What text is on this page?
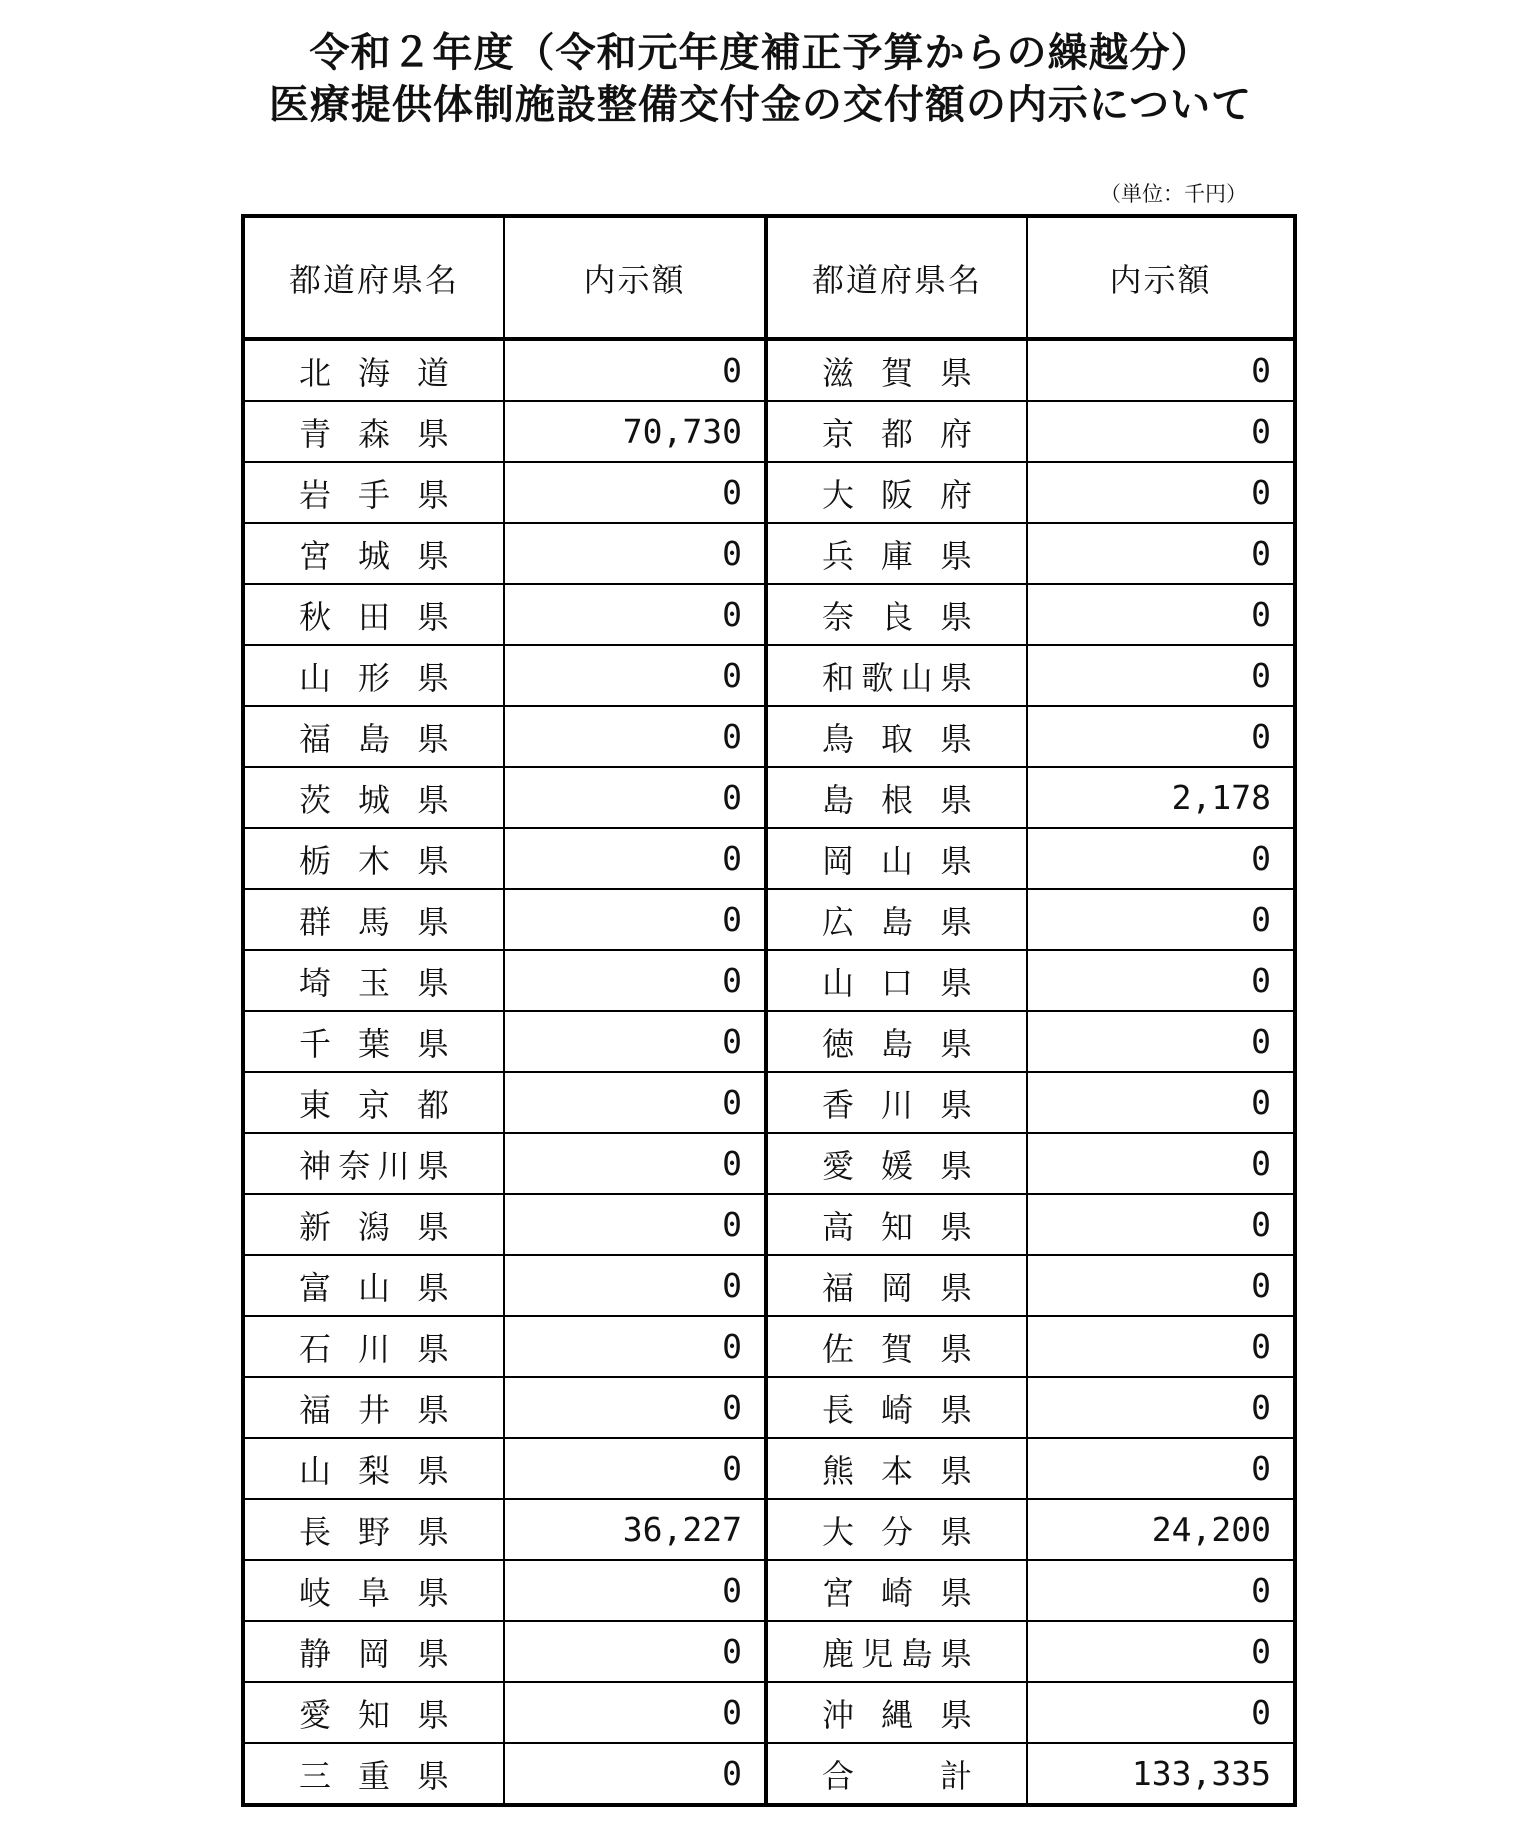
令和２年度（令和元年度補正予算からの繰越分）
医療提供体制施設整備交付金の交付額の内示について
（単位：千円）
都道府県名	内示額	都道府県名	内示額
北海道	0	滋賀県	0
青森県	70,730	京都府	0
岩手県	0	大阪府	0
宮城県	0	兵庫県	0
秋田県	0	奈良県	0
山形県	0	和歌山県	0
福島県	0	鳥取県	0
茨城県	0	島根県	2,178
栃木県	0	岡山県	0
群馬県	0	広島県	0
埼玉県	0	山口県	0
千葉県	0	徳島県	0
東京都	0	香川県	0
神奈川県	0	愛媛県	0
新潟県	0	高知県	0
富山県	0	福岡県	0
石川県	0	佐賀県	0
福井県	0	長崎県	0
山梨県	0	熊本県	0
長野県	36,227	大分県	24,200
岐阜県	0	宮崎県	0
静岡県	0	鹿児島県	0
愛知県	0	沖縄県	0
三重県	0	合計	133,335
